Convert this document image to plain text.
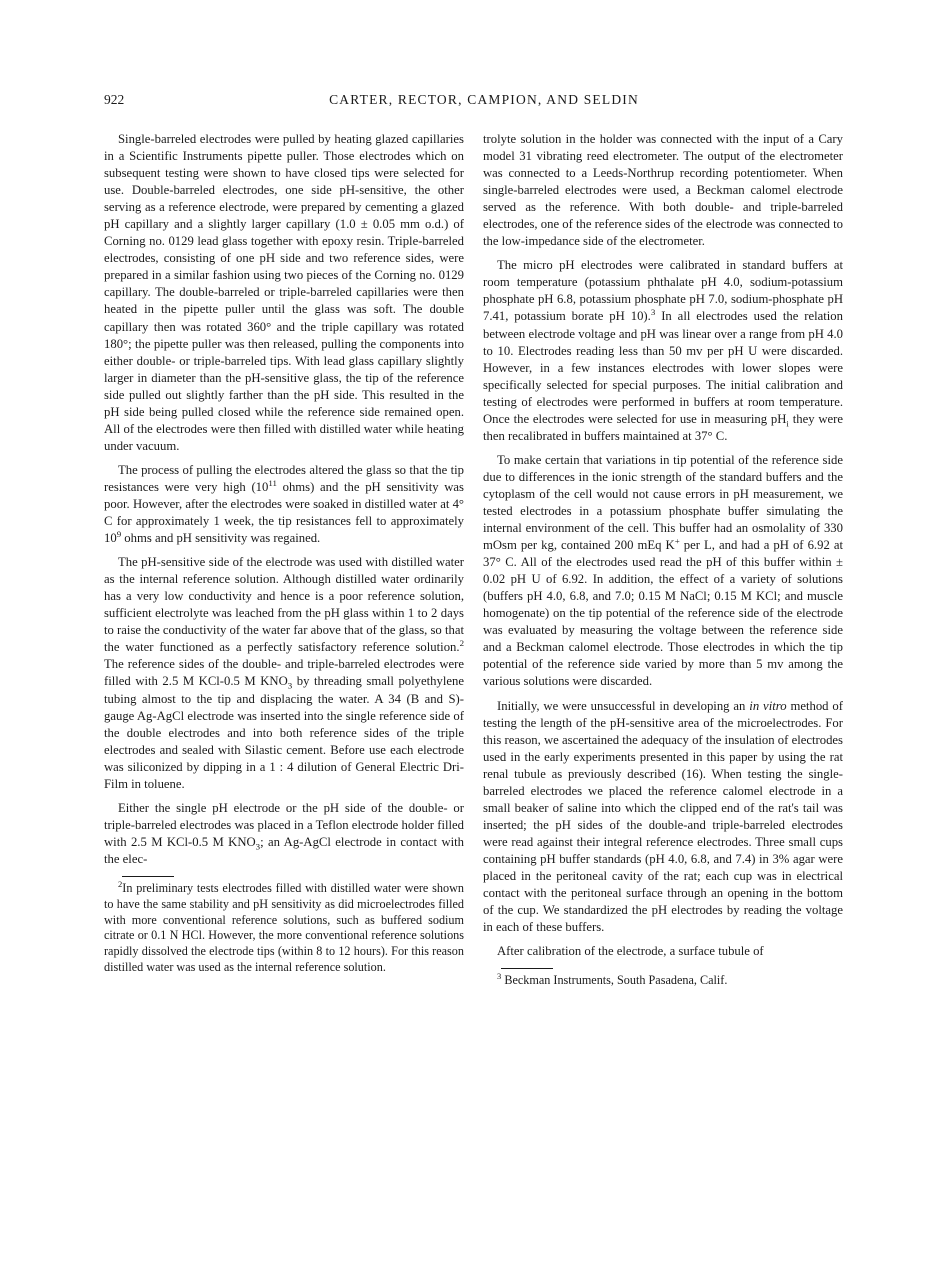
922	CARTER, RECTOR, CAMPION, AND SELDIN

Single-barreled electrodes were pulled by heating glazed capillaries in a Scientific Instruments pipette puller. Those electrodes which on subsequent testing were shown to have closed tips were selected for use. Double-barreled electrodes, one side pH-sensitive, the other serving as a reference electrode, were prepared by cementing a glazed pH capillary and a slightly larger capillary (1.0 ± 0.05 mm o.d.) of Corning no. 0129 lead glass together with epoxy resin. Triple-barreled electrodes, consisting of one pH side and two reference sides, were prepared in a similar fashion using two pieces of the Corning no. 0129 capillary. The double-barreled or triple-barreled capillaries were then heated in the pipette puller until the glass was soft. The double capillary then was rotated 360° and the triple capillary was rotated 180°; the pipette puller was then released, pulling the components into either double- or triple-barreled tips. With lead glass capillary slightly larger in diameter than the pH-sensitive glass, the tip of the reference side pulled out slightly farther than the pH side. This resulted in the pH side being pulled closed while the reference side remained open. All of the electrodes were then filled with distilled water while heating under vacuum.

The process of pulling the electrodes altered the glass so that the tip resistances were very high ($10^{11}$ ohms) and the pH sensitivity was poor. However, after the electrodes were soaked in distilled water at 4° C for approximately 1 week, the tip resistances fell to approximately $10^9$ ohms and pH sensitivity was regained.

The pH-sensitive side of the electrode was used with distilled water as the internal reference solution. Although distilled water ordinarily has a very low conductivity and hence is a poor reference solution, sufficient electrolyte was leached from the pH glass within 1 to 2 days to raise the conductivity of the water far above that of the glass, so that the water functioned as a perfectly satisfactory reference solution.$^2$ The reference sides of the double- and triple-barreled electrodes were filled with 2.5 M KCl-0.5 M $KNO_3$ by threading small polyethylene tubing almost to the tip and displacing the water. A 34 (B and S)-gauge Ag-AgCl electrode was inserted into the single reference side of the double electrodes and into both reference sides of the triple electrodes and sealed with Silastic cement. Before use each electrode was siliconized by dipping in a 1 : 4 dilution of General Electric Dri-Film in toluene.

Either the single pH electrode or the pH side of the double- or triple-barreled electrodes was placed in a Teflon electrode holder filled with 2.5 M KCl-0.5 M $KNO_3$; an Ag-AgCl electrode in contact with the elec-

$^2$In preliminary tests electrodes filled with distilled water were shown to have the same stability and pH sensitivity as did microelectrodes filled with more conventional reference solutions, such as buffered sodium citrate or 0.1 N HCl. However, the more conventional reference solutions rapidly dissolved the electrode tips (within 8 to 12 hours). For this reason distilled water was used as the internal reference solution.

trolyte solution in the holder was connected with the input of a Cary model 31 vibrating reed electrometer. The output of the electrometer was connected to a Leeds-Northrup recording potentiometer. When single-barreled electrodes were used, a Beckman calomel electrode served as the reference. With both double- and triple-barreled electrodes, one of the reference sides of the electrode was connected to the low-impedance side of the electrometer.

The micro pH electrodes were calibrated in standard buffers at room temperature (potassium phthalate pH 4.0, sodium-potassium phosphate pH 6.8, potassium phosphate pH 7.0, sodium-phosphate pH 7.41, potassium borate pH 10).$^3$ In all electrodes used the relation between electrode voltage and pH was linear over a range from pH 4.0 to 10. Electrodes reading less than 50 mv per pH U were discarded. However, in a few instances electrodes with lower slopes were specifically selected for special purposes. The initial calibration and testing of electrodes were performed in buffers at room temperature. Once the electrodes were selected for use in measuring $pH_i$ they were then recalibrated in buffers maintained at 37° C.

To make certain that variations in tip potential of the reference side due to differences in the ionic strength of the standard buffers and the cytoplasm of the cell would not cause errors in pH measurement, we tested electrodes in a potassium phosphate buffer simulating the internal environment of the cell. This buffer had an osmolality of 330 mOsm per kg, contained 200 mEq K+ per L, and had a pH of 6.92 at 37° C. All of the electrodes used read the pH of this buffer within ± 0.02 pH U of 6.92. In addition, the effect of a variety of solutions (buffers pH 4.0, 6.8, and 7.0; 0.15 M NaCl; 0.15 M KCl; and muscle homogenate) on the tip potential of the reference side of the electrode was evaluated by measuring the voltage between the reference side and a Beckman calomel electrode. Those electrodes in which the tip potential of the reference side varied by more than 5 mv among the various solutions were discarded.

Initially, we were unsuccessful in developing an in vitro method of testing the length of the pH-sensitive area of the microelectrodes. For this reason, we ascertained the adequacy of the insulation of electrodes used in the early experiments presented in this paper by using the rat renal tubule as previously described (16). When testing the single-barreled electrodes we placed the reference calomel electrode in a small beaker of saline into which the clipped end of the rat's tail was inserted; the pH sides of the double-and triple-barreled electrodes were read against their integral reference electrodes. Three small cups containing pH buffer standards (pH 4.0, 6.8, and 7.4) in 3% agar were placed in the peritoneal cavity of the rat; each cup was in electrical contact with the peritoneal surface through an opening in the bottom of the cup. We standardized the pH electrodes by reading the voltage in each of these buffers.

After calibration of the electrode, a surface tubule of

$^3$ Beckman Instruments, South Pasadena, Calif.
